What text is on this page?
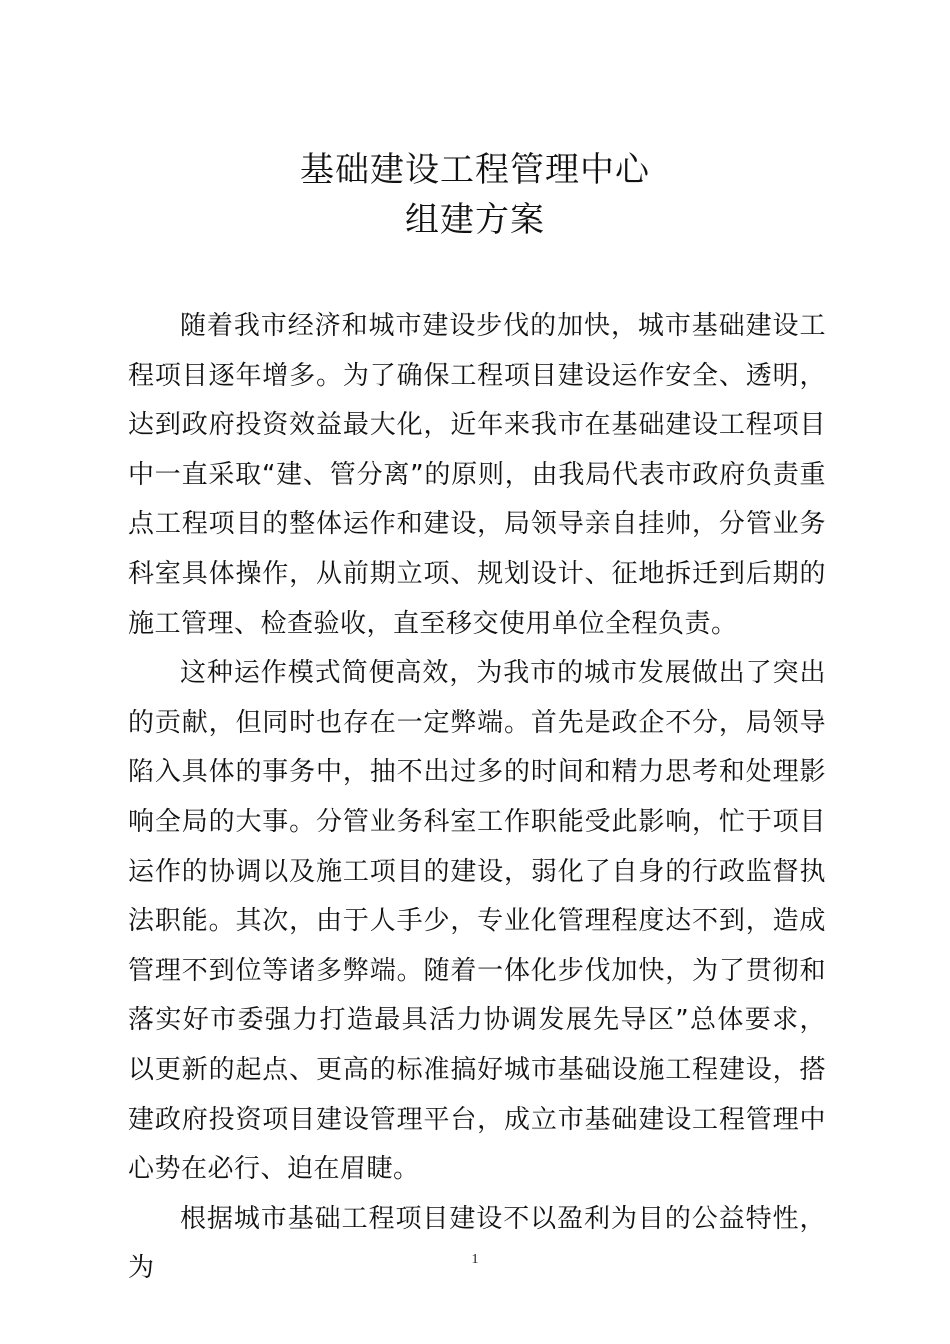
基础建设工程管理中心
组建方案

随着我市经济和城市建设步伐的加快，城市基础建设工程项目逐年增多。为了确保工程项目建设运作安全、透明，达到政府投资效益最大化，近年来我市在基础建设工程项目中一直采取“建、管分离”的原则，由我局代表市政府负责重点工程项目的整体运作和建设，局领导亲自挂帅，分管业务科室具体操作，从前期立项、规划设计、征地拆迁到后期的施工管理、检查验收，直至移交使用单位全程负责。

这种运作模式简便高效，为我市的城市发展做出了突出的贡献，但同时也存在一定弊端。首先是政企不分，局领导陷入具体的事务中，抽不出过多的时间和精力思考和处理影响全局的大事。分管业务科室工作职能受此影响，忙于项目运作的协调以及施工项目的建设，弱化了自身的行政监督执法职能。其次，由于人手少，专业化管理程度达不到，造成管理不到位等诸多弊端。随着一体化步伐加快，为了贯彻和落实好市委强力打造最具活力协调发展先导区”总体要求，以更新的起点、更高的标准搞好城市基础设施工程建设，搭建政府投资项目建设管理平台，成立市基础建设工程管理中心势在必行、迫在眉睫。

根据城市基础工程项目建设不以盈利为目的公益特性，为	1
